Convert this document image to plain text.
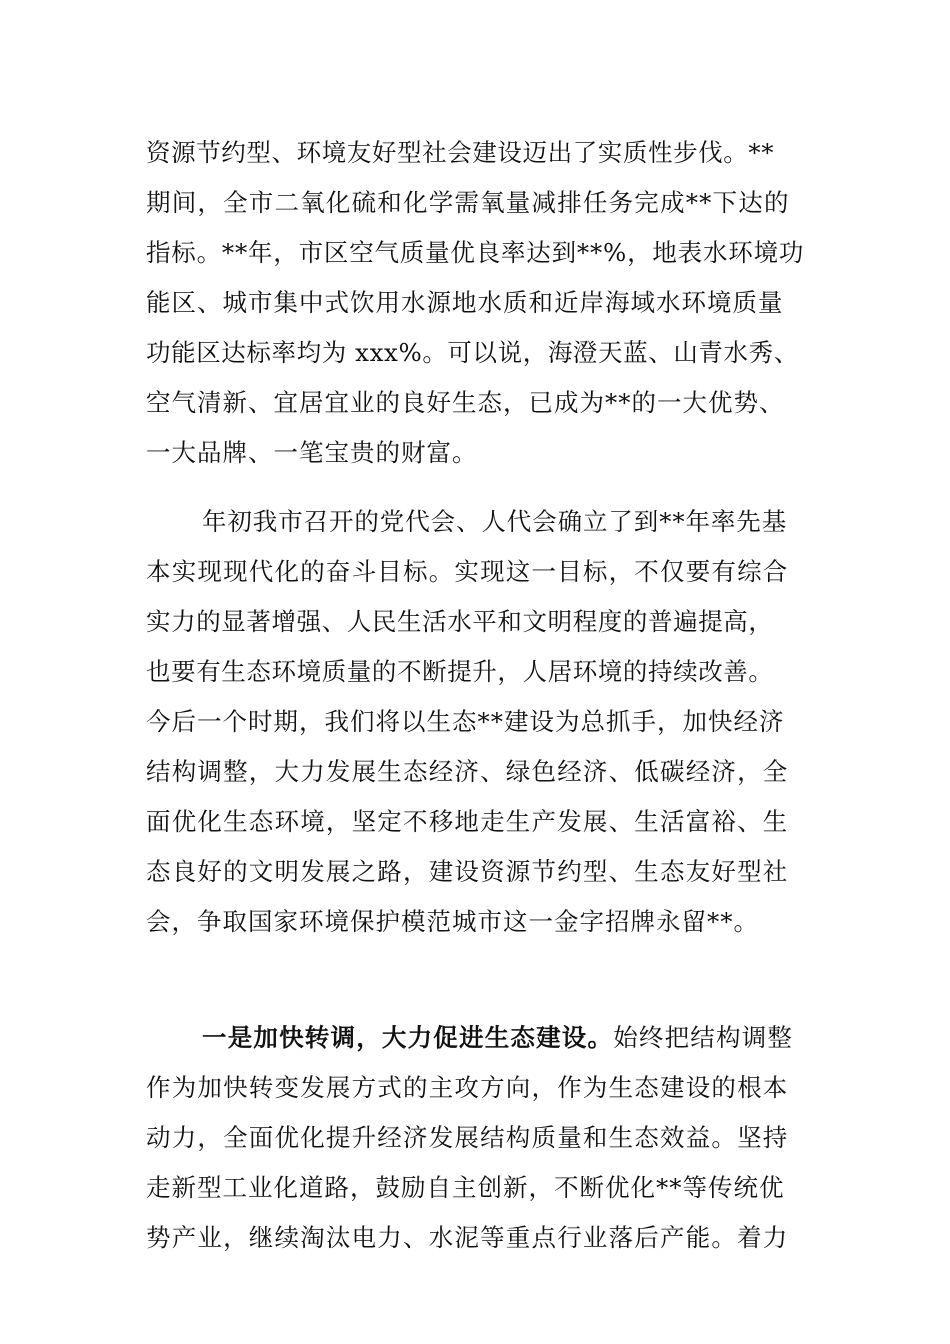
资源节约型、环境友好型社会建设迈出了实质性步伐。**
期间，全市二氧化硫和化学需氧量减排任务完成**下达的
指标。**年，市区空气质量优良率达到**%，地表水环境功
能区、城市集中式饮用水源地水质和近岸海域水环境质量
功能区达标率均为 xxx%。可以说，海澄天蓝、山青水秀、
空气清新、宜居宜业的良好生态，已成为**的一大优势、
一大品牌、一笔宝贵的财富。
年初我市召开的党代会、人代会确立了到**年率先基
本实现现代化的奋斗目标。实现这一目标，不仅要有综合
实力的显著增强、人民生活水平和文明程度的普遍提高，
也要有生态环境质量的不断提升，人居环境的持续改善。
今后一个时期，我们将以生态**建设为总抓手，加快经济
结构调整，大力发展生态经济、绿色经济、低碳经济，全
面优化生态环境，坚定不移地走生产发展、生活富裕、生
态良好的文明发展之路，建设资源节约型、生态友好型社
会，争取国家环境保护模范城市这一金字招牌永留**。
一是加快转调，大力促进生态建设。始终把结构调整
作为加快转变发展方式的主攻方向，作为生态建设的根本
动力，全面优化提升经济发展结构质量和生态效益。坚持
走新型工业化道路，鼓励自主创新，不断优化**等传统优
势产业，继续淘汰电力、水泥等重点行业落后产能。着力
